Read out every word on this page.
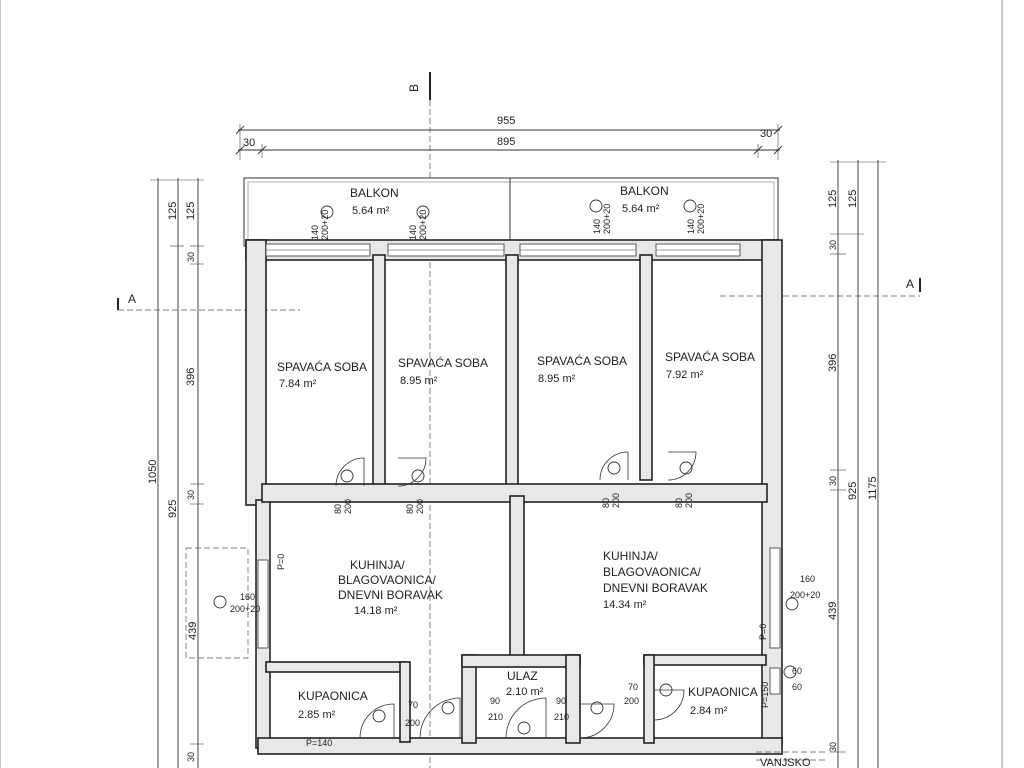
B
A
A
955
895
30
30
125 125
30
396
1050
925
30
439
30
125 125
30
396
30
925 1175
439
30
BALKON
5.64 m²
BALKON
5.64 m²
SPAVAĆA SOBA
7.84 m²
SPAVAĆA SOBA
8.95 m²
SPAVAĆA SOBA
8.95 m²
SPAVAĆA SOBA
7.92 m²
KUHINJA/
BLAGOVAONICA/
DNEVNI BORAVAK
14.18 m²
KUHINJA/
BLAGOVAONICA/
DNEVNI BORAVAK
14.34 m²
KUPAONICA
2.85 m²
KUPAONICA
2.84 m²
ULAZ
2.10 m²
140 200+20	140 200+20	140 200+20	140 200+20
80 200	80 200	80 200	80 200
160
200+20
160
200+20
P=0
P=0
70
200
90
210
90
210
70
200
60
60
P=150
P=140
VANJSKO
